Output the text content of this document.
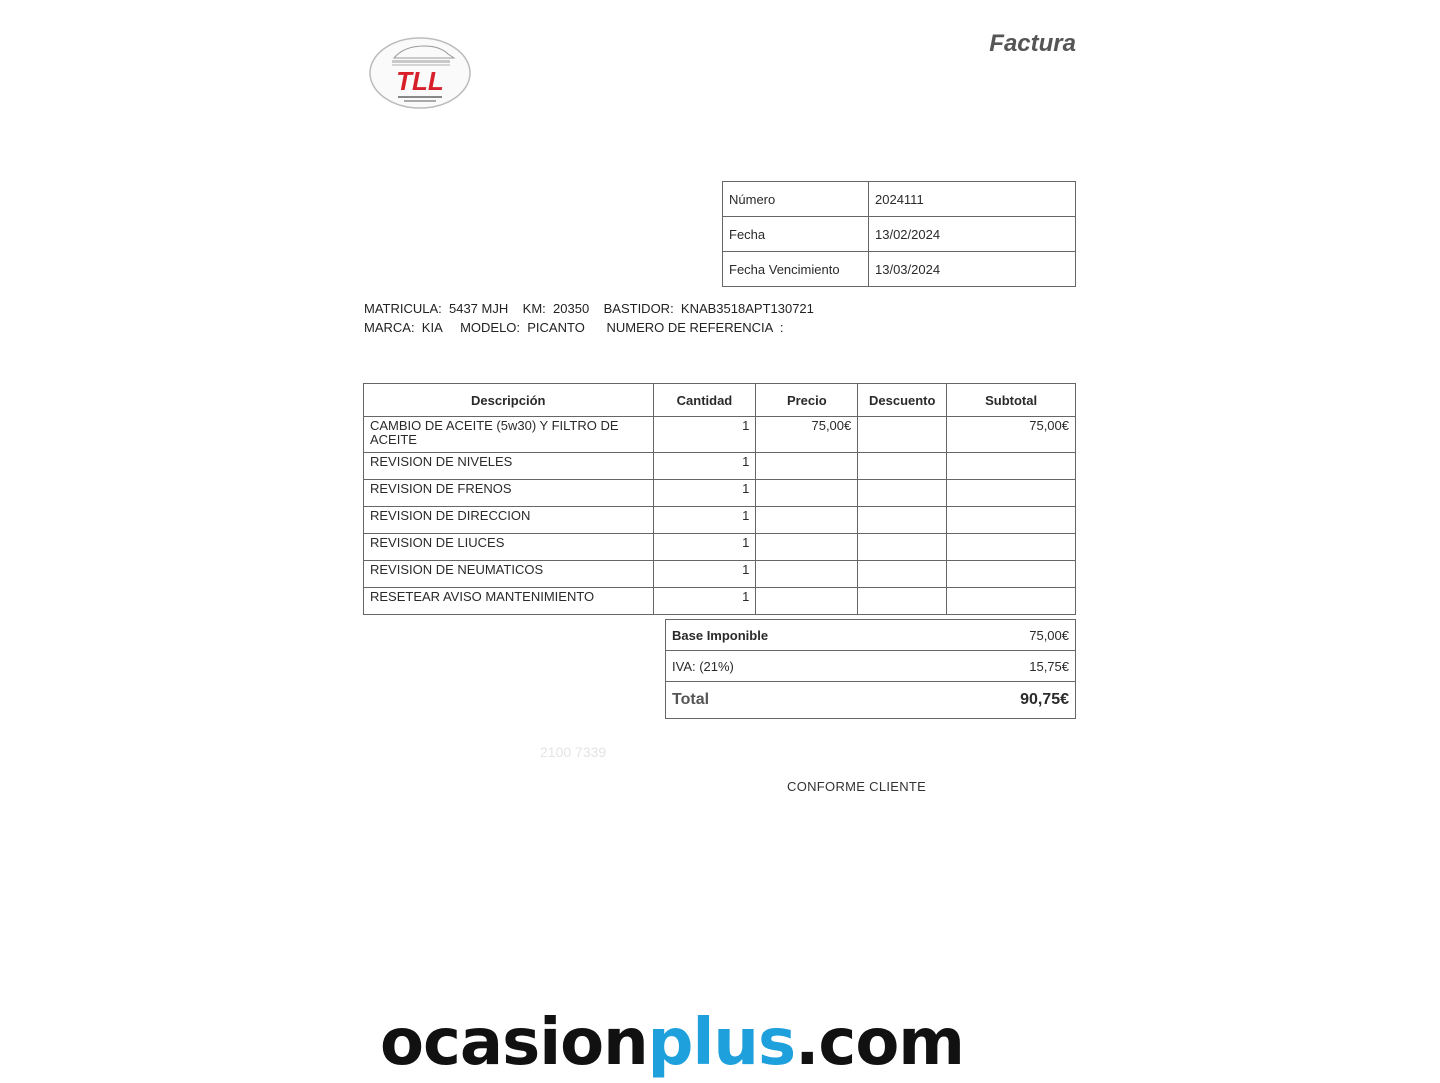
TLL
Factura
Número	2024111
Fecha	13/02/2024
Fecha Vencimiento	13/03/2024
MATRICULA:  5437 MJH    KM:  20350    BASTIDOR:  KNAB3518APT130721
MARCA:  KIA     MODELO:  PICANTO      NUMERO DE REFERENCIA  :
Descripción	Cantidad	Precio	Descuento	Subtotal
CAMBIO DE ACEITE (5w30) Y FILTRO DE ACEITE	1	75,00€		75,00€
REVISION DE NIVELES	1			
REVISION DE FRENOS	1			
REVISION DE DIRECCION	1			
REVISION DE LIUCES	1			
REVISION DE NEUMATICOS	1			
RESETEAR AVISO MANTENIMIENTO	1			
Base Imponible	75,00€
IVA: (21%)	15,75€
Total	90,75€
2100 7339
CONFORME CLIENTE
ocasionplus.com
